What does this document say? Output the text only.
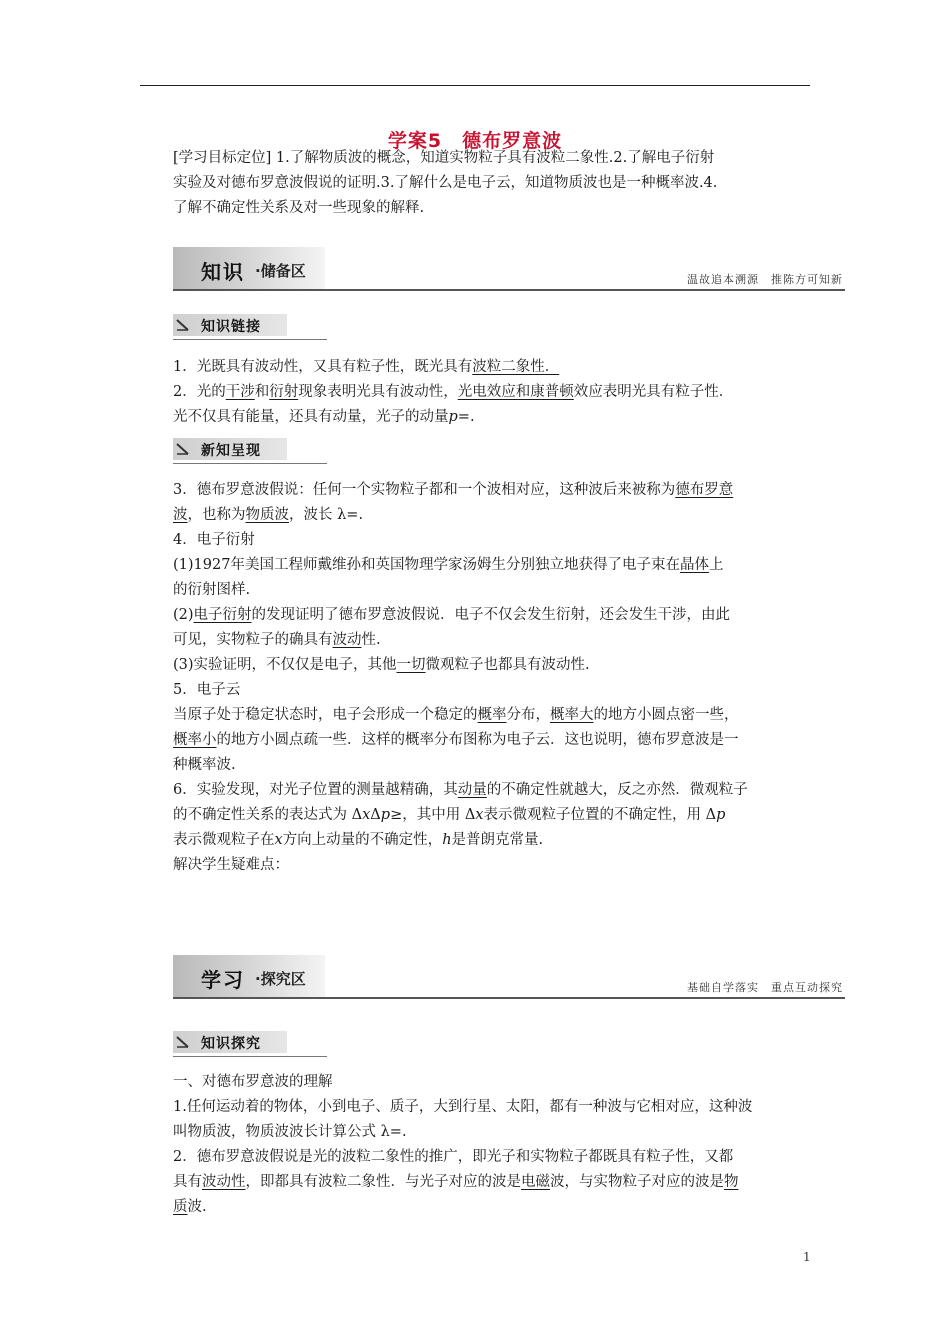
学案5　德布罗意波
[学习目标定位] 1.了解物质波的概念，知道实物粒子具有波粒二象性.2.了解电子衍射
实验及对德布罗意波假说的证明.3.了解什么是电子云，知道物质波也是一种概率波.4.
了解不确定性关系及对一些现象的解释.
知识 ·储备区	温故追本溯源　推陈方可知新
知识链接
1．光既具有波动性，又具有粒子性，既光具有波粒二象性．
2．光的干涉和衍射现象表明光具有波动性，光电效应和康普顿效应表明光具有粒子性．
光不仅具有能量，还具有动量，光子的动量p=.
新知呈现
3．德布罗意波假说：任何一个实物粒子都和一个波相对应，这种波后来被称为德布罗意
波，也称为物质波，波长 λ=.
4．电子衍射
(1)1927年美国工程师戴维孙和英国物理学家汤姆生分别独立地获得了电子束在晶体上
的衍射图样.
(2)电子衍射的发现证明了德布罗意波假说．电子不仅会发生衍射，还会发生干涉，由此
可见，实物粒子的确具有波动性.
(3)实验证明，不仅仅是电子，其他一切微观粒子也都具有波动性.
5．电子云
当原子处于稳定状态时，电子会形成一个稳定的概率分布，概率大的地方小圆点密一些，
概率小的地方小圆点疏一些．这样的概率分布图称为电子云．这也说明，德布罗意波是一
种概率波.
6．实验发现，对光子位置的测量越精确，其动量的不确定性就越大，反之亦然．微观粒子
的不确定性关系的表达式为 ΔxΔp≥，其中用 Δx表示微观粒子位置的不确定性，用 Δp
表示微观粒子在x方向上动量的不确定性，h是普朗克常量.
解决学生疑难点：
学习 ·探究区	基础自学落实　重点互动探究
知识探究
一、对德布罗意波的理解
1.任何运动着的物体，小到电子、质子，大到行星、太阳，都有一种波与它相对应，这种波
叫物质波，物质波波长计算公式 λ=.
2．德布罗意波假说是光的波粒二象性的推广，即光子和实物粒子都既具有粒子性，又都
具有波动性，即都具有波粒二象性．与光子对应的波是电磁波，与实物粒子对应的波是物
质波.
1
